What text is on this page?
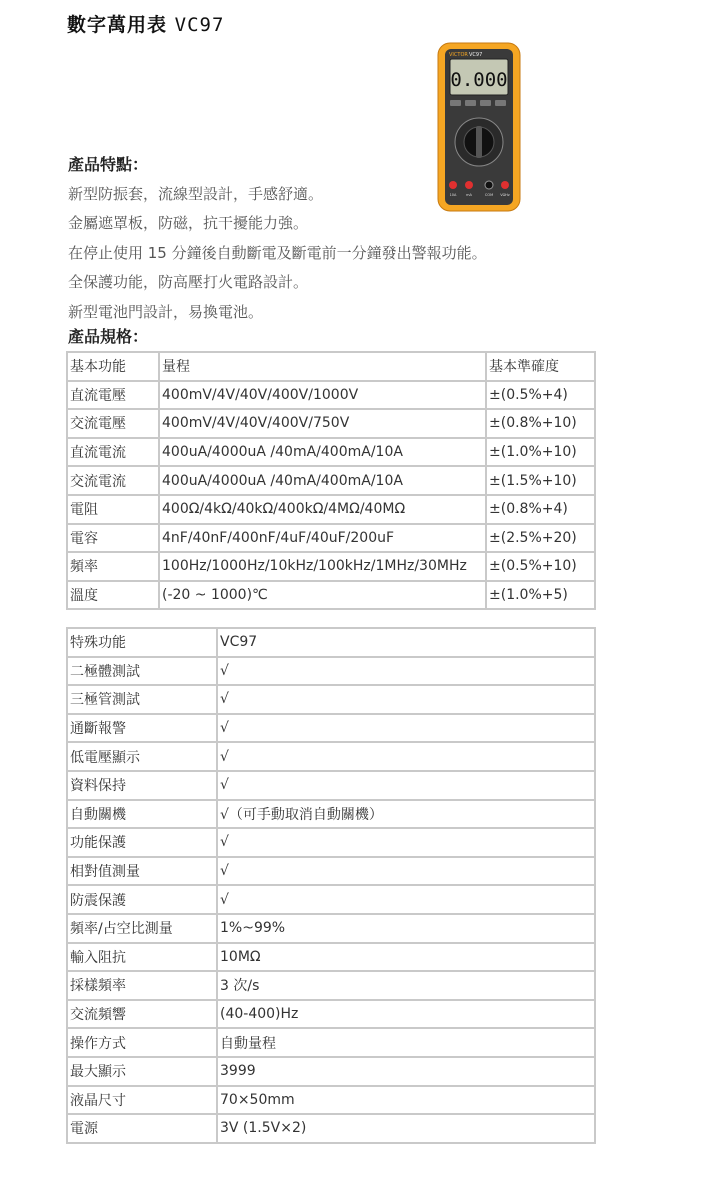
數字萬用表 VC97
VICTOR VC97
0.000
10A	mA	COM VΩHz
產品特點：
新型防振套，流線型設計，手感舒適。
金屬遮罩板，防磁，抗干擾能力強。
在停止使用 15 分鐘後自動斷電及斷電前一分鐘發出警報功能。
全保護功能，防高壓打火電路設計。
新型電池門設計，易換電池。
產品規格：
基本功能	量程	基本準確度
直流電壓	400mV/4V/40V/400V/1000V	±(0.5%+4)
交流電壓	400mV/4V/40V/400V/750V	±(0.8%+10)
直流電流	400uA/4000uA /40mA/400mA/10A	±(1.0%+10)
交流電流	400uA/4000uA /40mA/400mA/10A	±(1.5%+10)
電阻	400Ω/4kΩ/40kΩ/400kΩ/4MΩ/40MΩ	±(0.8%+4)
電容	4nF/40nF/400nF/4uF/40uF/200uF	±(2.5%+20)
頻率	100Hz/1000Hz/10kHz/100kHz/1MHz/30MHz	±(0.5%+10)
溫度	(-20 ~ 1000)℃	±(1.0%+5)
特殊功能	VC97
二極體測試	√
三極管測試	√
通斷報警	√
低電壓顯示	√
資料保持	√
自動關機	√（可手動取消自動關機）
功能保護	√
相對值測量	√
防震保護	√
頻率/占空比測量	1%~99%
輸入阻抗	10MΩ
採樣頻率	3 次/s
交流頻響	(40-400)Hz
操作方式	自動量程
最大顯示	3999
液晶尺寸	70×50mm
電源	3V (1.5V×2)
